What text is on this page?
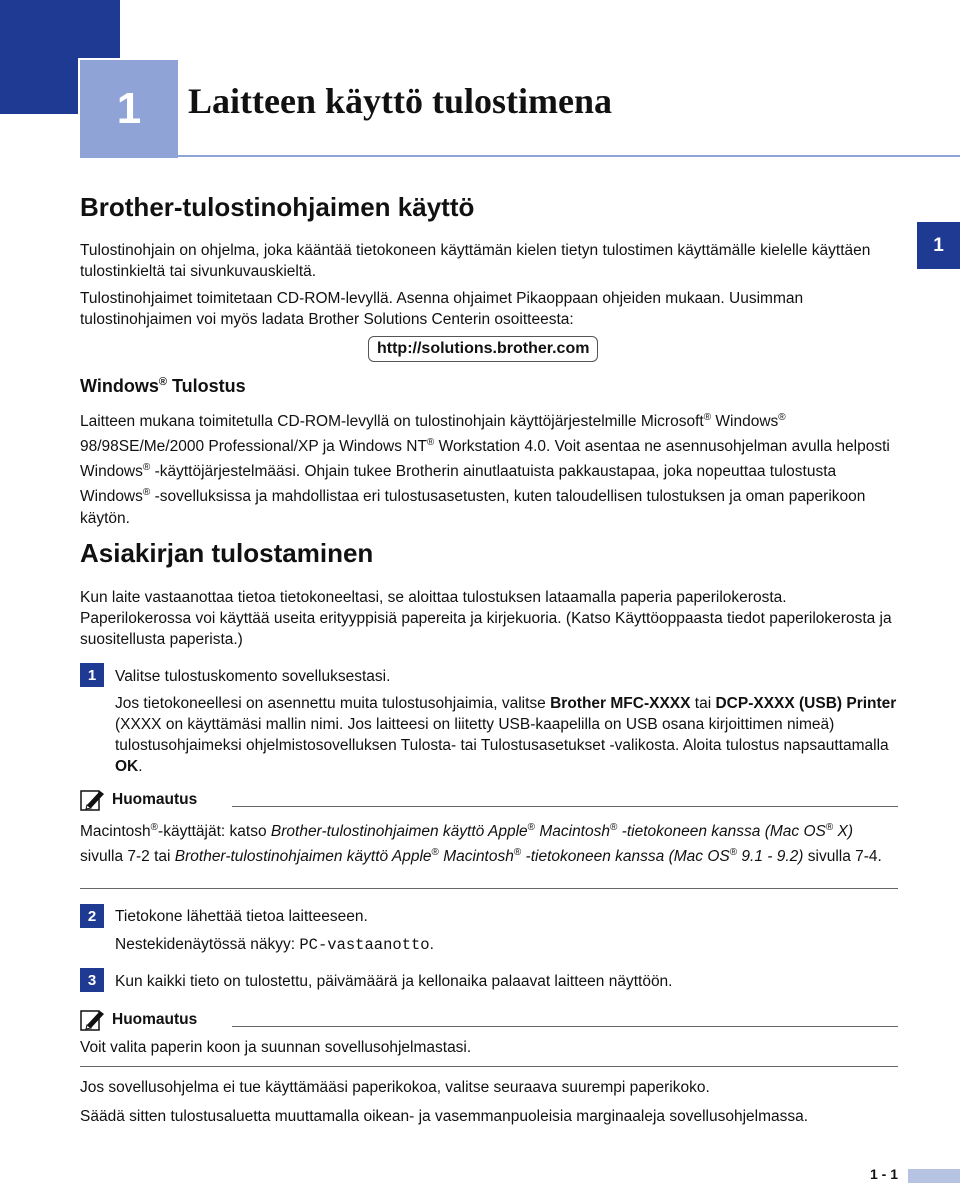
1	Laitteen käyttö tulostimena
1
Brother-tulostinohjaimen käyttö
Tulostinohjain on ohjelma, joka kääntää tietokoneen käyttämän kielen tietyn tulostimen käyttämälle kielelle käyttäen tulostinkieltä tai sivunkuvauskieltä.
Tulostinohjaimet toimitetaan CD-ROM-levyllä. Asenna ohjaimet Pikaoppaan ohjeiden mukaan. Uusimman tulostinohjaimen voi myös ladata Brother Solutions Centerin osoitteesta:
http://solutions.brother.com
Windows® Tulostus
Laitteen mukana toimitetulla CD-ROM-levyllä on tulostinohjain käyttöjärjestelmille Microsoft® Windows® 98/98SE/Me/2000 Professional/XP ja Windows NT® Workstation 4.0. Voit asentaa ne asennusohjelman avulla helposti Windows® -käyttöjärjestelmääsi. Ohjain tukee Brotherin ainutlaatuista pakkaustapaa, joka nopeuttaa tulostusta Windows® -sovelluksissa ja mahdollistaa eri tulostusasetusten, kuten taloudellisen tulostuksen ja oman paperikoon käytön.
Asiakirjan tulostaminen
Kun laite vastaanottaa tietoa tietokoneeltasi, se aloittaa tulostuksen lataamalla paperia paperilokerosta. Paperilokerossa voi käyttää useita erityyppisiä papereita ja kirjekuoria. (Katso Käyttöoppaasta tiedot paperilokerosta ja suositellusta paperista.)
1	Valitse tulostuskomento sovelluksestasi.
Jos tietokoneellesi on asennettu muita tulostusohjaimia, valitse Brother MFC-XXXX tai DCP-XXXX (USB) Printer (XXXX on käyttämäsi mallin nimi. Jos laitteesi on liitetty USB-kaapelilla on USB osana kirjoittimen nimeä) tulostusohjaimeksi ohjelmistosovelluksen Tulosta- tai Tulostusasetukset -valikosta. Aloita tulostus napsauttamalla OK.
Huomautus
Macintosh®-käyttäjät: katso Brother-tulostinohjaimen käyttö Apple® Macintosh® -tietokoneen kanssa (Mac OS® X) sivulla 7-2 tai Brother-tulostinohjaimen käyttö Apple® Macintosh® -tietokoneen kanssa (Mac OS® 9.1 - 9.2) sivulla 7-4.
2	Tietokone lähettää tietoa laitteeseen.
Nestekidenäytössä näkyy: PC-vastaanotto.
3	Kun kaikki tieto on tulostettu, päivämäärä ja kellonaika palaavat laitteen näyttöön.
Huomautus
Voit valita paperin koon ja suunnan sovellusohjelmastasi.
Jos sovellusohjelma ei tue käyttämääsi paperikokoa, valitse seuraava suurempi paperikoko.
Säädä sitten tulostusaluetta muuttamalla oikean- ja vasemmanpuoleisia marginaaleja sovellusohjelmassa.
1 - 1
